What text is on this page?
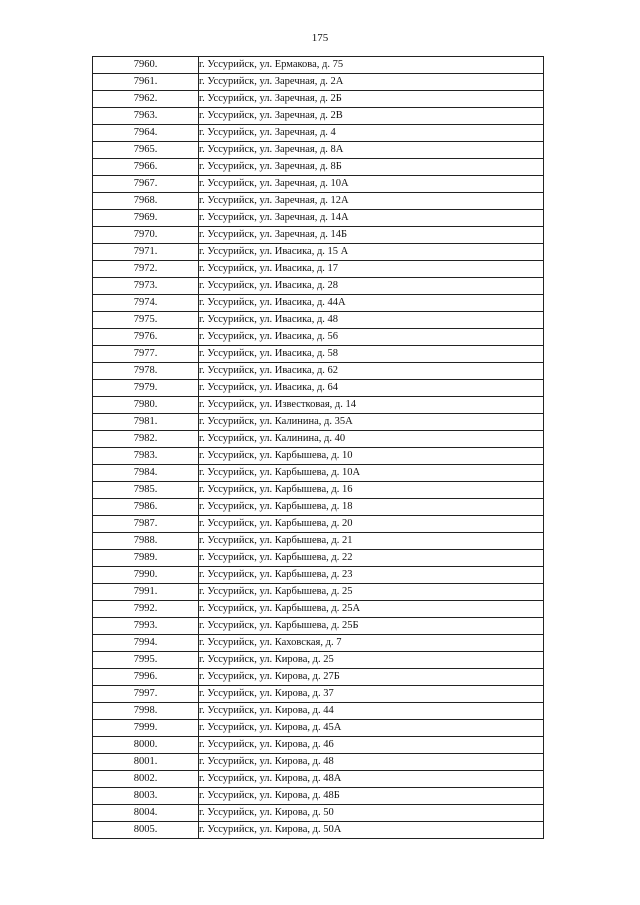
175
7960.	г. Уссурийск, ул. Ермакова, д. 75
7961.	г. Уссурийск, ул. Заречная, д. 2А
7962.	г. Уссурийск, ул. Заречная, д. 2Б
7963.	г. Уссурийск, ул. Заречная, д. 2В
7964.	г. Уссурийск, ул. Заречная, д. 4
7965.	г. Уссурийск, ул. Заречная, д. 8А
7966.	г. Уссурийск, ул. Заречная, д. 8Б
7967.	г. Уссурийск, ул. Заречная, д. 10А
7968.	г. Уссурийск, ул. Заречная, д. 12А
7969.	г. Уссурийск, ул. Заречная, д. 14А
7970.	г. Уссурийск, ул. Заречная, д. 14Б
7971.	г. Уссурийск, ул. Ивасика, д. 15 А
7972.	г. Уссурийск, ул. Ивасика, д. 17
7973.	г. Уссурийск, ул. Ивасика, д. 28
7974.	г. Уссурийск, ул. Ивасика, д. 44А
7975.	г. Уссурийск, ул. Ивасика, д. 48
7976.	г. Уссурийск, ул. Ивасика, д. 56
7977.	г. Уссурийск, ул. Ивасика, д. 58
7978.	г. Уссурийск, ул. Ивасика, д. 62
7979.	г. Уссурийск, ул. Ивасика, д. 64
7980.	г. Уссурийск, ул. Известковая, д. 14
7981.	г. Уссурийск, ул. Калинина, д. 35А
7982.	г. Уссурийск, ул. Калинина, д. 40
7983.	г. Уссурийск, ул. Карбышева, д. 10
7984.	г. Уссурийск, ул. Карбышева, д. 10А
7985.	г. Уссурийск, ул. Карбышева, д. 16
7986.	г. Уссурийск, ул. Карбышева, д. 18
7987.	г. Уссурийск, ул. Карбышева, д. 20
7988.	г. Уссурийск, ул. Карбышева, д. 21
7989.	г. Уссурийск, ул. Карбышева, д. 22
7990.	г. Уссурийск, ул. Карбышева, д. 23
7991.	г. Уссурийск, ул. Карбышева, д. 25
7992.	г. Уссурийск, ул. Карбышева, д. 25А
7993.	г. Уссурийск, ул. Карбышева, д. 25Б
7994.	г. Уссурийск, ул. Каховская, д. 7
7995.	г. Уссурийск, ул. Кирова, д. 25
7996.	г. Уссурийск, ул. Кирова, д. 27Б
7997.	г. Уссурийск, ул. Кирова, д. 37
7998.	г. Уссурийск, ул. Кирова, д. 44
7999.	г. Уссурийск, ул. Кирова, д. 45А
8000.	г. Уссурийск, ул. Кирова, д. 46
8001.	г. Уссурийск, ул. Кирова, д. 48
8002.	г. Уссурийск, ул. Кирова, д. 48А
8003.	г. Уссурийск, ул. Кирова, д. 48Б
8004.	г. Уссурийск, ул. Кирова, д. 50
8005.	г. Уссурийск, ул. Кирова, д. 50А
